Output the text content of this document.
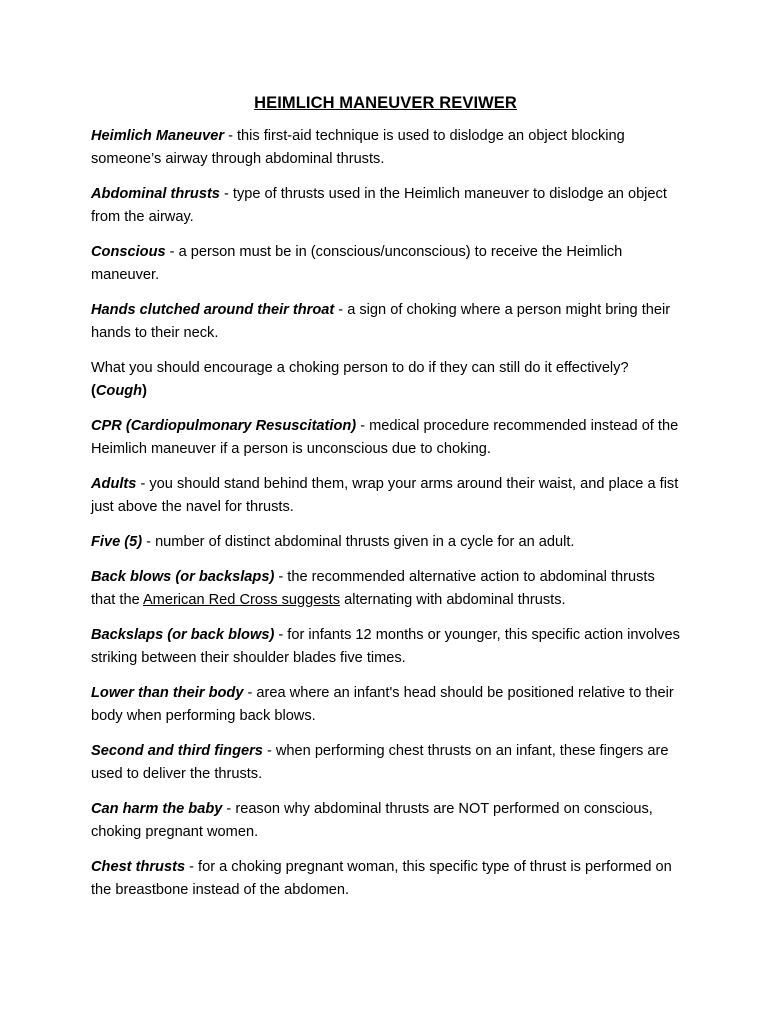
HEIMLICH MANEUVER REVIWER

Heimlich Maneuver - this first-aid technique is used to dislodge an object blocking someone’s airway through abdominal thrusts.

Abdominal thrusts - type of thrusts used in the Heimlich maneuver to dislodge an object from the airway.

Conscious - a person must be in (conscious/unconscious) to receive the Heimlich maneuver.

Hands clutched around their throat - a sign of choking where a person might bring their hands to their neck.

What you should encourage a choking person to do if they can still do it effectively? (Cough)

CPR (Cardiopulmonary Resuscitation) - medical procedure recommended instead of the Heimlich maneuver if a person is unconscious due to choking.

Adults - you should stand behind them, wrap your arms around their waist, and place a fist just above the navel for thrusts.

Five (5) - number of distinct abdominal thrusts given in a cycle for an adult.

Back blows (or backslaps) - the recommended alternative action to abdominal thrusts that the American Red Cross suggests alternating with abdominal thrusts.

Backslaps (or back blows) - for infants 12 months or younger, this specific action involves striking between their shoulder blades five times.

Lower than their body - area where an infant's head should be positioned relative to their body when performing back blows.

Second and third fingers - when performing chest thrusts on an infant, these fingers are used to deliver the thrusts.

Can harm the baby - reason why abdominal thrusts are NOT performed on conscious, choking pregnant women.

Chest thrusts - for a choking pregnant woman, this specific type of thrust is performed on the breastbone instead of the abdomen.
